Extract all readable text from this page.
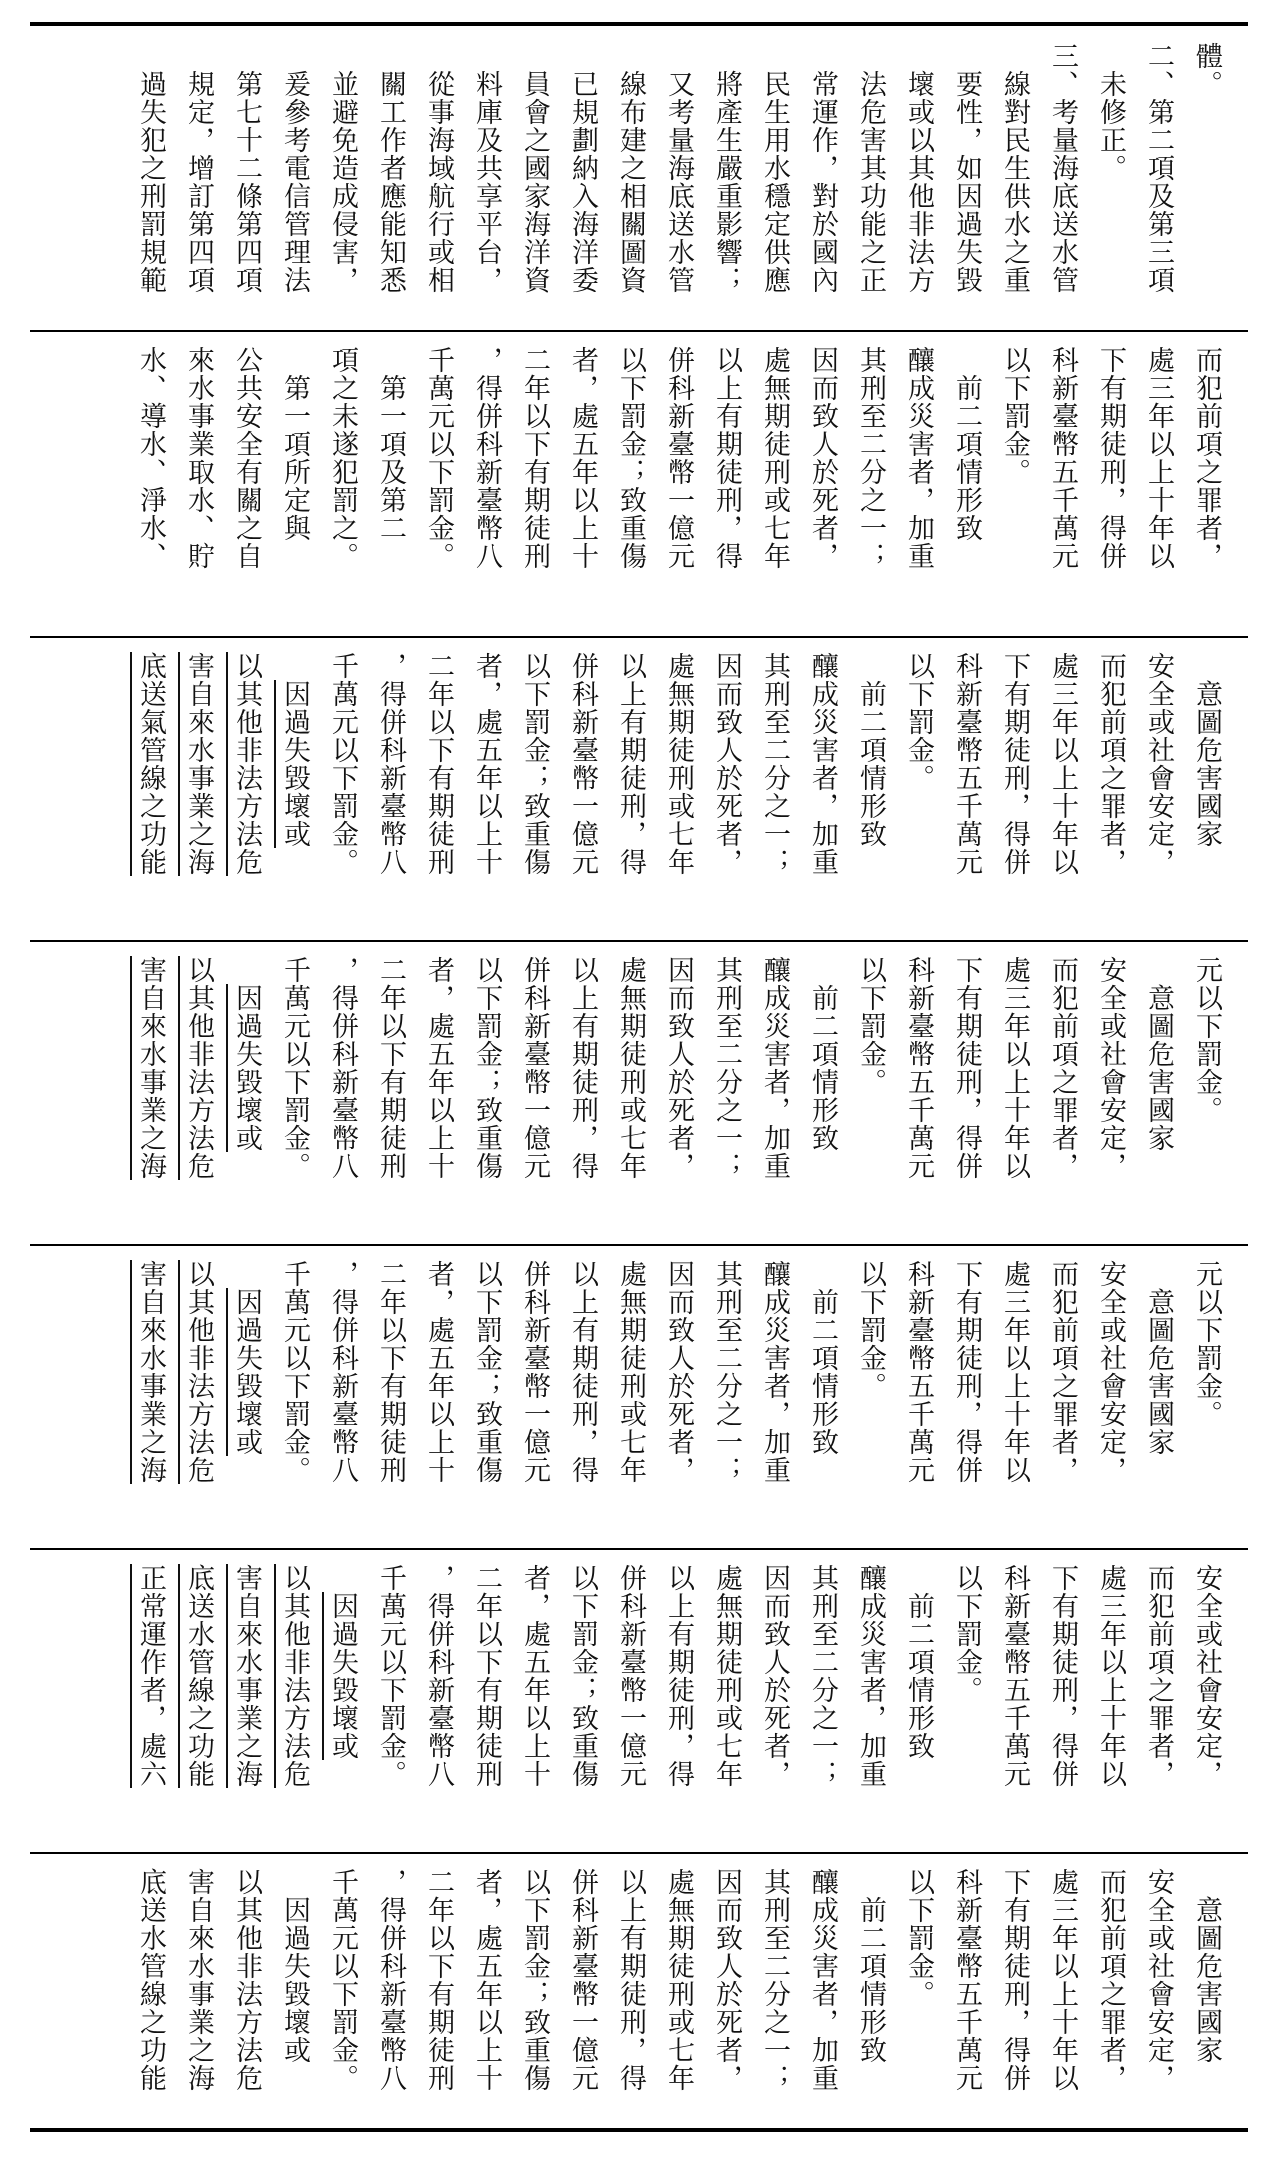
體。
二、第二項及第三項
　未修正。
三、考量海底送水管
　線對民生供水之重
　要性，如因過失毀
　壞或以其他非法方
　法危害其功能之正
　常運作，對於國內
　民生用水穩定供應
　將產生嚴重影響；
　又考量海底送水管
　線布建之相關圖資
　已規劃納入海洋委
　員會之國家海洋資
　料庫及共享平台，
　從事海域航行或相
　關工作者應能知悉
　並避免造成侵害，
　爰參考電信管理法
　第七十二條第四項
　規定，增訂第四項
　過失犯之刑罰規範
而犯前項之罪者，
處三年以上十年以
下有期徒刑，得併
科新臺幣五千萬元
以下罰金。
　前二項情形致
釀成災害者，加重
其刑至二分之一；
因而致人於死者，
處無期徒刑或七年
以上有期徒刑，得
併科新臺幣一億元
以下罰金；致重傷
者，處五年以上十
二年以下有期徒刑
，得併科新臺幣八
千萬元以下罰金。
　第一項及第二
項之未遂犯罰之。
　第一項所定與
公共安全有關之自
來水事業取水、貯
水、導水、淨水、
　意圖危害國家
安全或社會安定，
而犯前項之罪者，
處三年以上十年以
下有期徒刑，得併
科新臺幣五千萬元
以下罰金。
　前二項情形致
釀成災害者，加重
其刑至二分之一；
因而致人於死者，
處無期徒刑或七年
以上有期徒刑，得
併科新臺幣一億元
以下罰金；致重傷
者，處五年以上十
二年以下有期徒刑
，得併科新臺幣八
千萬元以下罰金。
　因過失毀壞或
以其他非法方法危
害自來水事業之海
底送氣管線之功能
元以下罰金。
　意圖危害國家
安全或社會安定，
而犯前項之罪者，
處三年以上十年以
下有期徒刑，得併
科新臺幣五千萬元
以下罰金。
　前二項情形致
釀成災害者，加重
其刑至二分之一；
因而致人於死者，
處無期徒刑或七年
以上有期徒刑，得
併科新臺幣一億元
以下罰金；致重傷
者，處五年以上十
二年以下有期徒刑
，得併科新臺幣八
千萬元以下罰金。
　因過失毀壞或
以其他非法方法危
害自來水事業之海
元以下罰金。
　意圖危害國家
安全或社會安定，
而犯前項之罪者，
處三年以上十年以
下有期徒刑，得併
科新臺幣五千萬元
以下罰金。
　前二項情形致
釀成災害者，加重
其刑至二分之一；
因而致人於死者，
處無期徒刑或七年
以上有期徒刑，得
併科新臺幣一億元
以下罰金；致重傷
者，處五年以上十
二年以下有期徒刑
，得併科新臺幣八
千萬元以下罰金。
　因過失毀壞或
以其他非法方法危
害自來水事業之海
安全或社會安定，
而犯前項之罪者，
處三年以上十年以
下有期徒刑，得併
科新臺幣五千萬元
以下罰金。
　前二項情形致
釀成災害者，加重
其刑至二分之一；
因而致人於死者，
處無期徒刑或七年
以上有期徒刑，得
併科新臺幣一億元
以下罰金；致重傷
者，處五年以上十
二年以下有期徒刑
，得併科新臺幣八
千萬元以下罰金。
　因過失毀壞或
以其他非法方法危
害自來水事業之海
底送水管線之功能
正常運作者，處六
　意圖危害國家
安全或社會安定，
而犯前項之罪者，
處三年以上十年以
下有期徒刑，得併
科新臺幣五千萬元
以下罰金。
　前二項情形致
釀成災害者，加重
其刑至二分之一；
因而致人於死者，
處無期徒刑或七年
以上有期徒刑，得
併科新臺幣一億元
以下罰金；致重傷
者，處五年以上十
二年以下有期徒刑
，得併科新臺幣八
千萬元以下罰金。
　因過失毀壞或
以其他非法方法危
害自來水事業之海
底送水管線之功能
